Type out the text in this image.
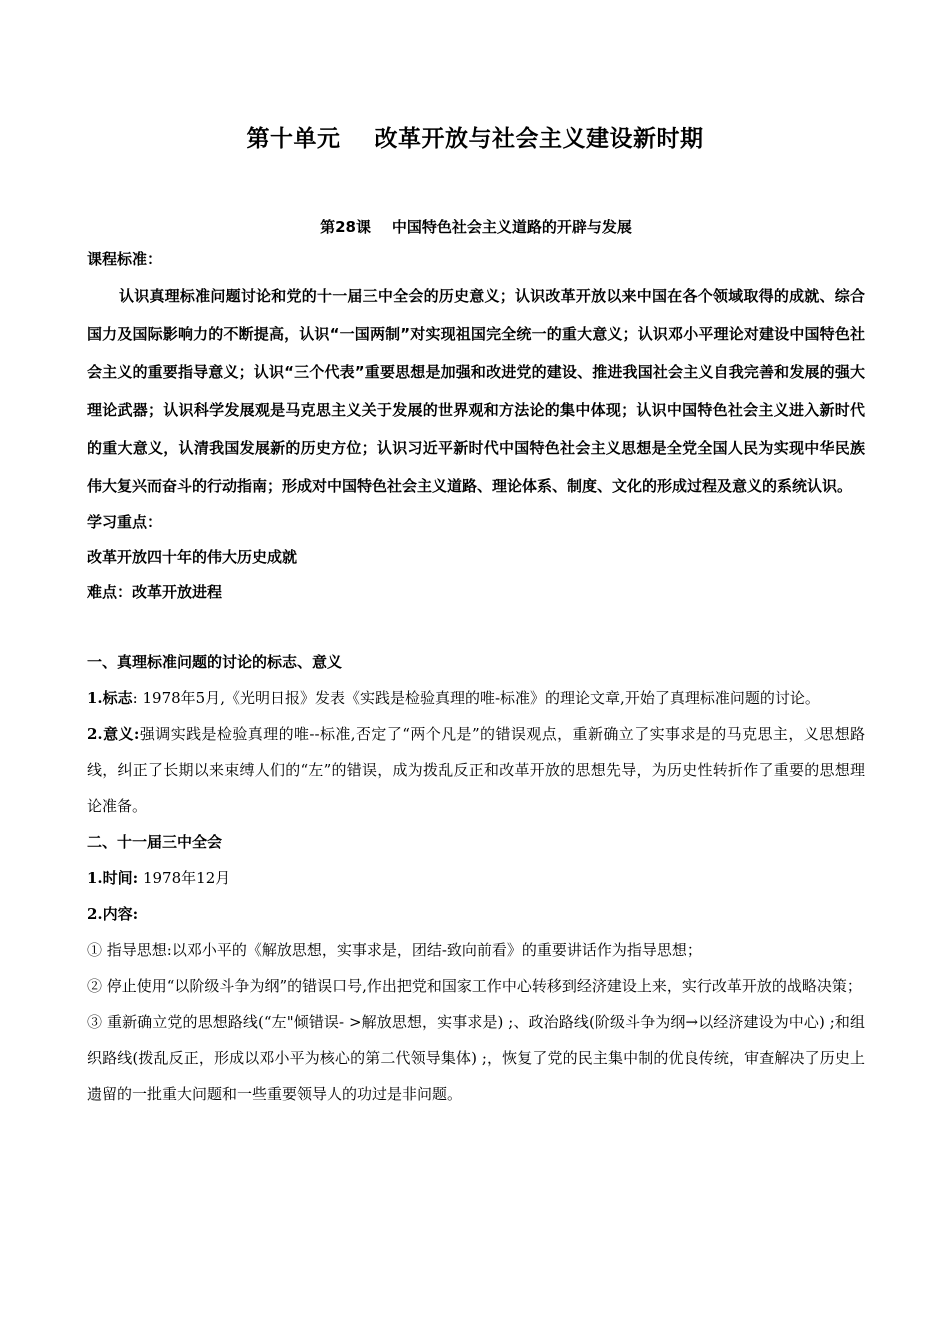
第十单元    改革开放与社会主义建设新时期

第28课    中国特色社会主义道路的开辟与发展

课程标准：

认识真理标准问题讨论和党的十一届三中全会的历史意义；认识改革开放以来中国在各个领域取得的成就、综合国力及国际影响力的不断提高，认识“一国两制”对实现祖国完全统一的重大意义；认识邓小平理论对建设中国特色社会主义的重要指导意义；认识“三个代表”重要思想是加强和改进党的建设、推进我国社会主义自我完善和发展的强大理论武器；认识科学发展观是马克思主义关于发展的世界观和方法论的集中体现；认识中国特色社会主义进入新时代的重大意义，认清我国发展新的历史方位；认识习近平新时代中国特色社会主义思想是全党全国人民为实现中华民族伟大复兴而奋斗的行动指南；形成对中国特色社会主义道路、理论体系、制度、文化的形成过程及意义的系统认识。

学习重点：

改革开放四十年的伟大历史成就

难点：改革开放进程

一、真理标准问题的讨论的标志、意义

1.标志: 1978年5月,《光明日报》发表《实践是检验真理的唯-标准》的理论文章,开始了真理标准问题的讨论。

2.意义:强调实践是检验真理的唯--标准,否定了“两个凡是”的错误观点，重新确立了实事求是的马克思主，义思想路线，纠正了长期以来束缚人们的“左”的错误，成为拨乱反正和改革开放的思想先导，为历史性转折作了重要的思想理论准备。

二、十一届三中全会

1.时间: 1978年12月

2.内容:

① 指导思想:以邓小平的《解放思想，实事求是，团结-致向前看》的重要讲话作为指导思想；

② 停止使用“以阶级斗争为纲”的错误口号,作出把党和国家工作中心转移到经济建设上来，实行改革开放的战略决策；

③ 重新确立党的思想路线(“左"倾错误- >解放思想，实事求是) ;、政治路线(阶级斗争为纲→以经济建设为中心) ;和组织路线(拨乱反正，形成以邓小平为核心的第二代领导集体) ;，恢复了党的民主集中制的优良传统，审查解决了历史上遗留的一批重大问题和一些重要领导人的功过是非问题。
